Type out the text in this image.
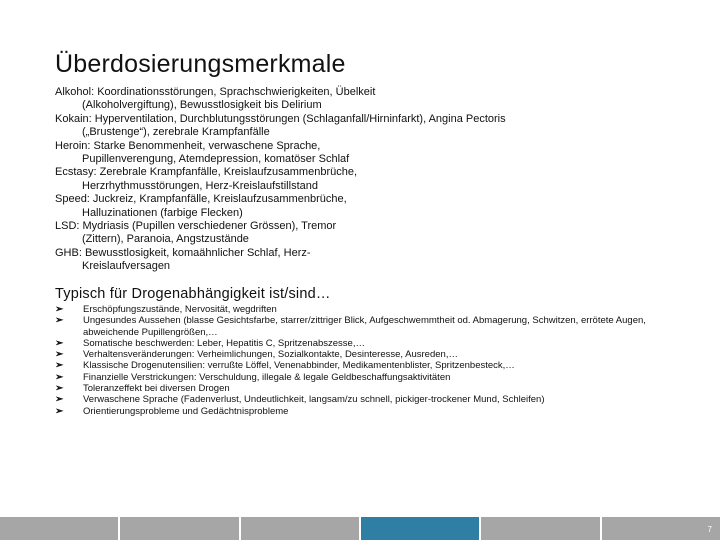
Überdosierungsmerkmale

Alkohol: Koordinationsstörungen, Sprachschwierigkeiten, Übelkeit
(Alkoholvergiftung), Bewusstlosigkeit bis Delirium

Kokain: Hyperventilation, Durchblutungsstörungen (Schlaganfall/Hirninfarkt), Angina Pectoris
(„Brustenge“), zerebrale Krampfanfälle

Heroin: Starke Benommenheit, verwaschene Sprache,
Pupillenverengung, Atemdepression, komatöser Schlaf

Ecstasy: Zerebrale Krampfanfälle, Kreislaufzusammenbrüche,
Herzrhythmusstörungen, Herz-Kreislaufstillstand

Speed: Juckreiz, Krampfanfälle, Kreislaufzusammenbrüche,
Halluzinationen (farbige Flecken)

LSD: Mydriasis (Pupillen verschiedener Grössen), Tremor
(Zittern), Paranoia, Angstzustände

GHB: Bewusstlosigkeit, komaähnlicher Schlaf, Herz-
Kreislaufversagen

Typisch für Drogenabhängigkeit ist/sind…
➢ Erschöpfungszustände, Nervosität, wegdriften
➢ Ungesundes Aussehen (blasse Gesichtsfarbe, starrer/zittriger Blick, Aufgeschwemmtheit od. Abmagerung, Schwitzen, errötete Augen, abweichende Pupillengrößen,…
➢ Somatische beschwerden: Leber, Hepatitis C, Spritzenabszesse,…
➢ Verhaltensveränderungen: Verheimlichungen, Sozialkontakte, Desinteresse, Ausreden,…
➢ Klassische Drogenutensilien: verrußte Löffel, Venenabbinder, Medikamentenblister, Spritzenbesteck,…
➢ Finanzielle Verstrickungen: Verschuldung, illegale & legale Geldbeschaffungsaktivitäten
➢ Toleranzeffekt bei diversen Drogen
➢ Verwaschene Sprache (Fadenverlust, Undeutlichkeit, langsam/zu schnell, pickiger-trockener Mund, Schleifen)
➢ Orientierungsprobleme und Gedächtnisprobleme
7
